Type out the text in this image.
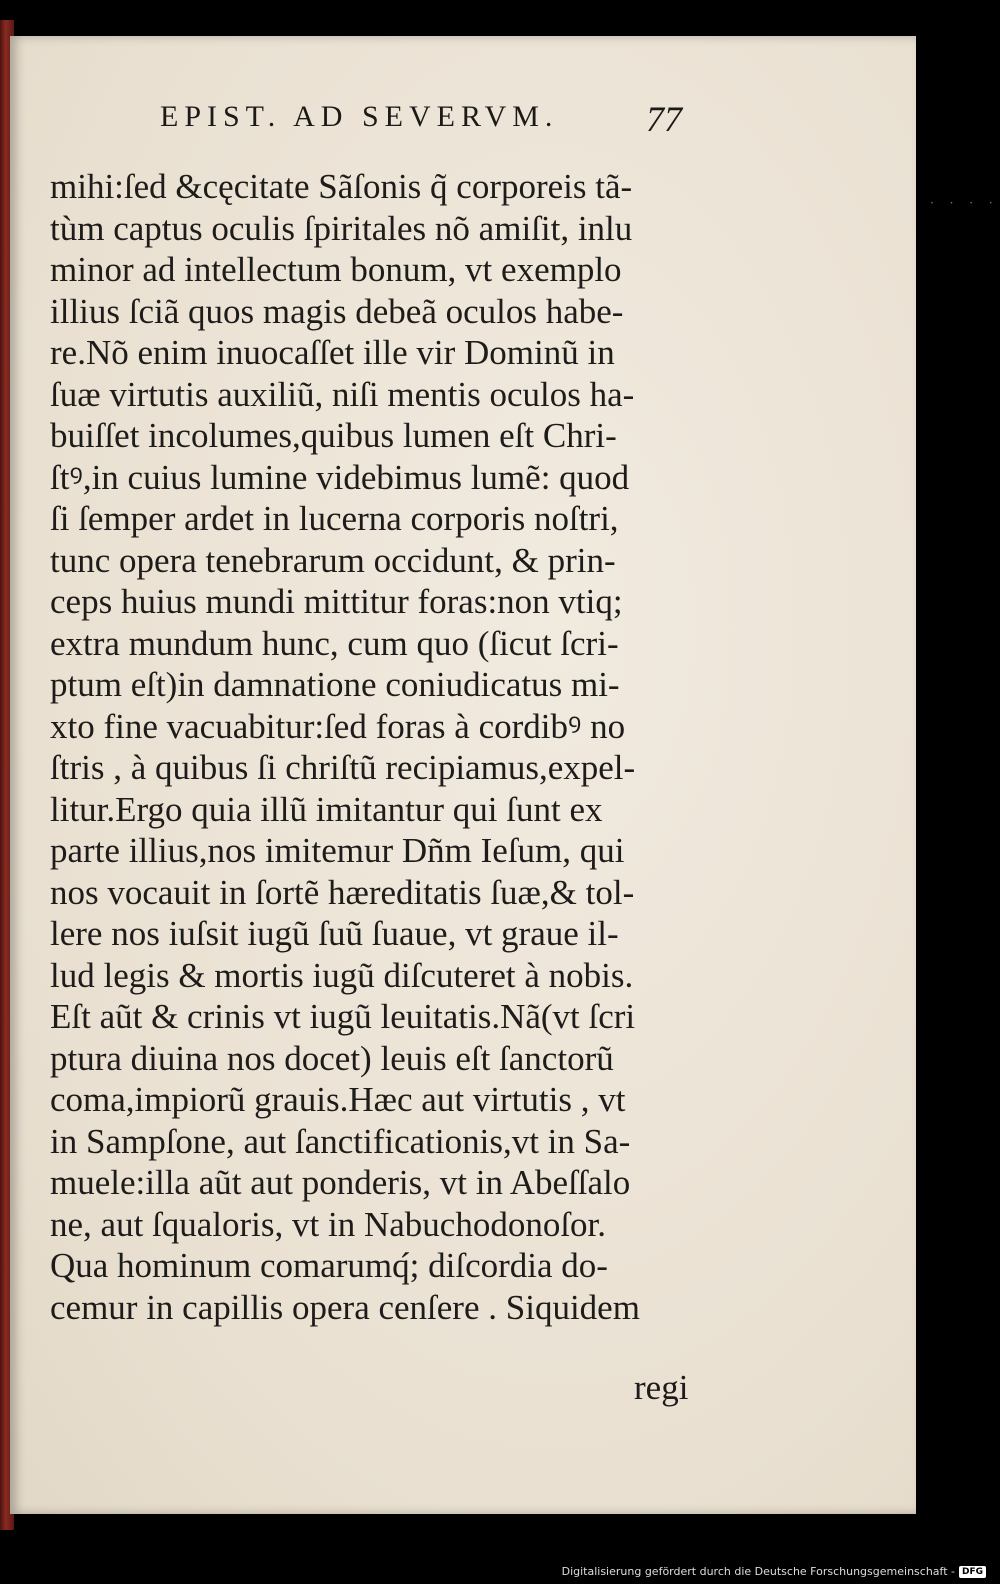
EPIST. AD SEVERVM. 77
mihi:ſed &cęcitate Sãſonis q̃ corporeis tã-
tùm captus oculis ſpiritales nõ amiſit, inlu
minor ad intellectum bonum, vt exemplo
illius ſciã quos magis debeã oculos habe-
re.Nõ enim inuocaſſet ille vir Dominũ in
ſuæ virtutis auxiliũ, niſi mentis oculos ha-
buiſſet incolumes,quibus lumen eſt Chri-
ſtꝰ,in cuius lumine videbimus lumẽ: quod
ſi ſemper ardet in lucerna corporis noſtri,
tunc opera tenebrarum occidunt, & prin-
ceps huius mundi mittitur foras:non vtiq;
extra mundum hunc, cum quo (ſicut ſcri-
ptum eſt)in damnatione coniudicatus mi-
xto fine vacuabitur:ſed foras à cordibꝰ no
ſtris , à quibus ſi chriſtũ recipiamus,expel-
litur.Ergo quia illũ imitantur qui ſunt ex
parte illius,nos imitemur Dñm Ieſum, qui
nos vocauit in ſortẽ hæreditatis ſuæ,& tol-
lere nos iuſsit iugũ ſuũ ſuaue, vt graue il-
lud legis & mortis iugũ diſcuteret à nobis.
Eſt aũt & crinis vt iugũ leuitatis.Nã(vt ſcri
ptura diuina nos docet) leuis eſt ſanctorũ
coma,impiorũ grauis.Hæc aut virtutis , vt
in Sampſone, aut ſanctificationis,vt in Sa-
muele:illa aũt aut ponderis, vt in Abeſſalo
ne, aut ſqualoris, vt in Nabuchodonoſor.
Qua hominum comarumq́; diſcordia do-
cemur in capillis opera cenſere . Siquidem
regi
· · · ·
Digitalisierung gefördert durch die Deutsche Forschungsgemeinschaft - DFG
